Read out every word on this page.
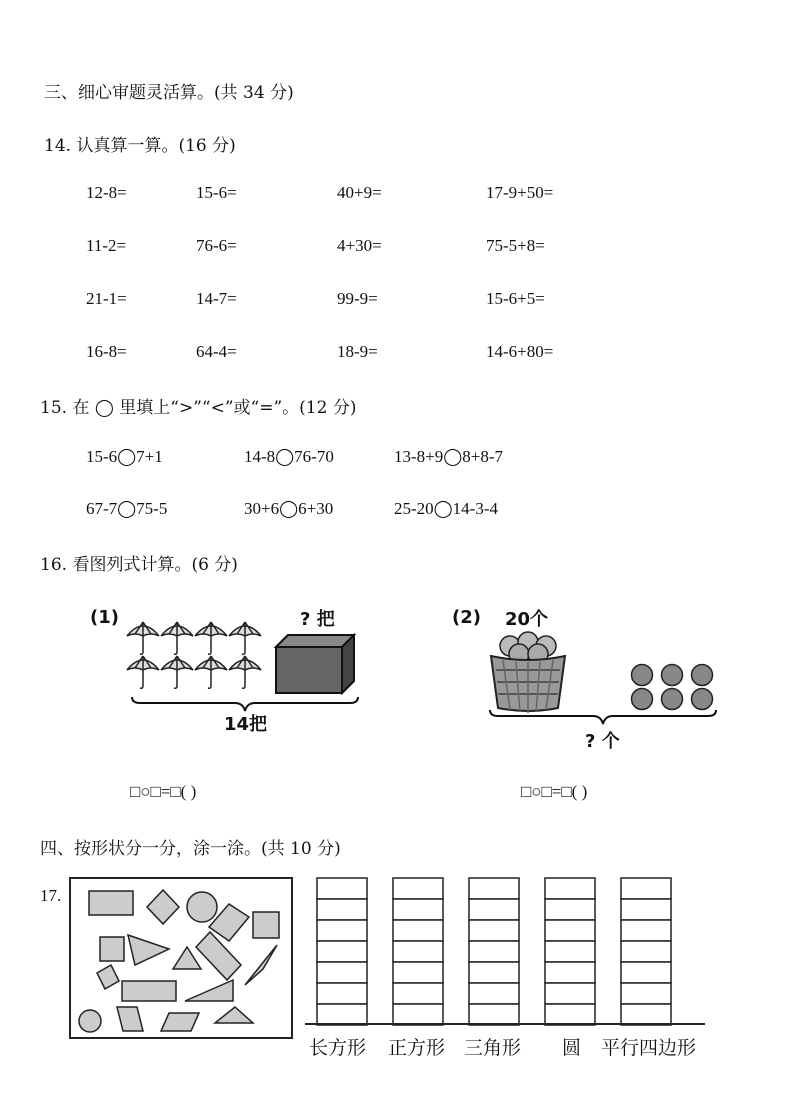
三、细心审题灵活算。(共 34 分)
14. 认真算一算。(16 分)
12-8=	15-6=	40+9=	17-9+50=
11-2=	76-6=	4+30=	75-5+8=
21-1=	14-7=	99-9=	15-6+5=
16-8=	64-4=	18-9=	14-6+80=
15. 在 ◯ 里填上“>”“<”或“=”。(12 分)
15-6◯7+1	14-8◯76-70	13-8+9◯8+8-7
67-7◯75-5	30+6◯6+30	25-20◯14-3-4
16. 看图列式计算。(6 分)
(1)	? 把
14把
□○□=□( )
(2) 20个
? 个
□○□=□( )
四、按形状分一分，涂一涂。(共 10 分)
17.
长方形 正方形 三角形 圆 平行四边形
